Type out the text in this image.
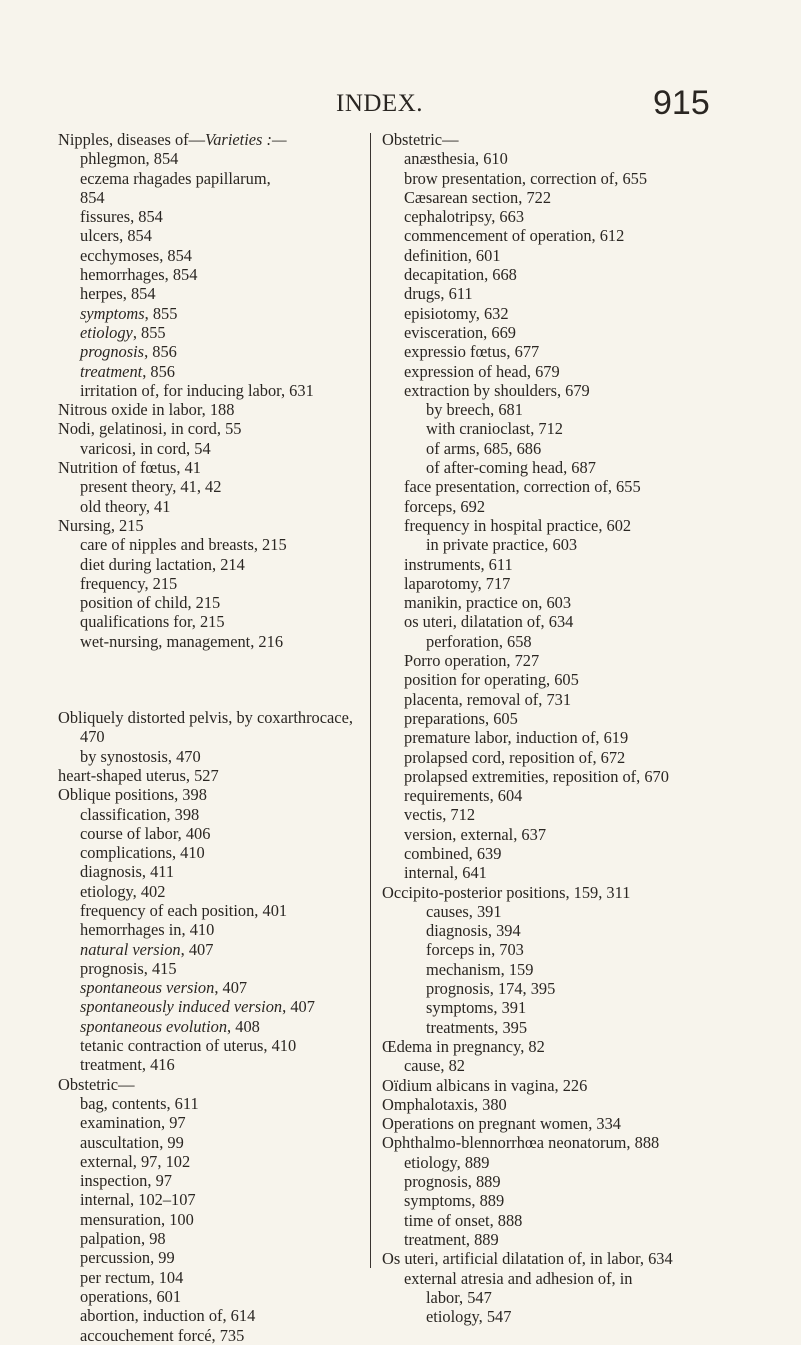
INDEX.	915
Nipples, diseases of—Varieties :—
phlegmon, 854
eczema rhagades papillarum,
854
fissures, 854
ulcers, 854
ecchymoses, 854
hemorrhages, 854
herpes, 854
symptoms, 855
etiology, 855
prognosis, 856
treatment, 856
irritation of, for inducing labor, 631
Nitrous oxide in labor, 188
Nodi, gelatinosi, in cord, 55
varicosi, in cord, 54
Nutrition of fœtus, 41
present theory, 41, 42
old theory, 41
Nursing, 215
care of nipples and breasts, 215
diet during lactation, 214
frequency, 215
position of child, 215
qualifications for, 215
wet-nursing, management, 216
Obliquely distorted pelvis, by coxarthrocace,
470
by synostosis, 470
heart-shaped uterus, 527
Oblique positions, 398
classification, 398
course of labor, 406
complications, 410
diagnosis, 411
etiology, 402
frequency of each position, 401
hemorrhages in, 410
natural version, 407
prognosis, 415
spontaneous version, 407
spontaneously induced version, 407
spontaneous evolution, 408
tetanic contraction of uterus, 410
treatment, 416
Obstetric—
bag, contents, 611
examination, 97
auscultation, 99
external, 97, 102
inspection, 97
internal, 102–107
mensuration, 100
palpation, 98
percussion, 99
per rectum, 104
operations, 601
abortion, induction of, 614
accouchement forcé, 735
Obstetric—
anæsthesia, 610
brow presentation, correction of, 655
Cæsarean section, 722
cephalotripsy, 663
commencement of operation, 612
definition, 601
decapitation, 668
drugs, 611
episiotomy, 632
evisceration, 669
expressio fœtus, 677
expression of head, 679
extraction by shoulders, 679
by breech, 681
with cranioclast, 712
of arms, 685, 686
of after-coming head, 687
face presentation, correction of, 655
forceps, 692
frequency in hospital practice, 602
in private practice, 603
instruments, 611
laparotomy, 717
manikin, practice on, 603
os uteri, dilatation of, 634
perforation, 658
Porro operation, 727
position for operating, 605
placenta, removal of, 731
preparations, 605
premature labor, induction of, 619
prolapsed cord, reposition of, 672
prolapsed extremities, reposition of, 670
requirements, 604
vectis, 712
version, external, 637
combined, 639
internal, 641
Occipito-posterior positions, 159, 311
causes, 391
diagnosis, 394
forceps in, 703
mechanism, 159
prognosis, 174, 395
symptoms, 391
treatments, 395
Œdema in pregnancy, 82
cause, 82
Oïdium albicans in vagina, 226
Omphalotaxis, 380
Operations on pregnant women, 334
Ophthalmo-blennorrhœa neonatorum, 888
etiology, 889
prognosis, 889
symptoms, 889
time of onset, 888
treatment, 889
Os uteri, artificial dilatation of, in labor, 634
external atresia and adhesion of, in
labor, 547
etiology, 547
